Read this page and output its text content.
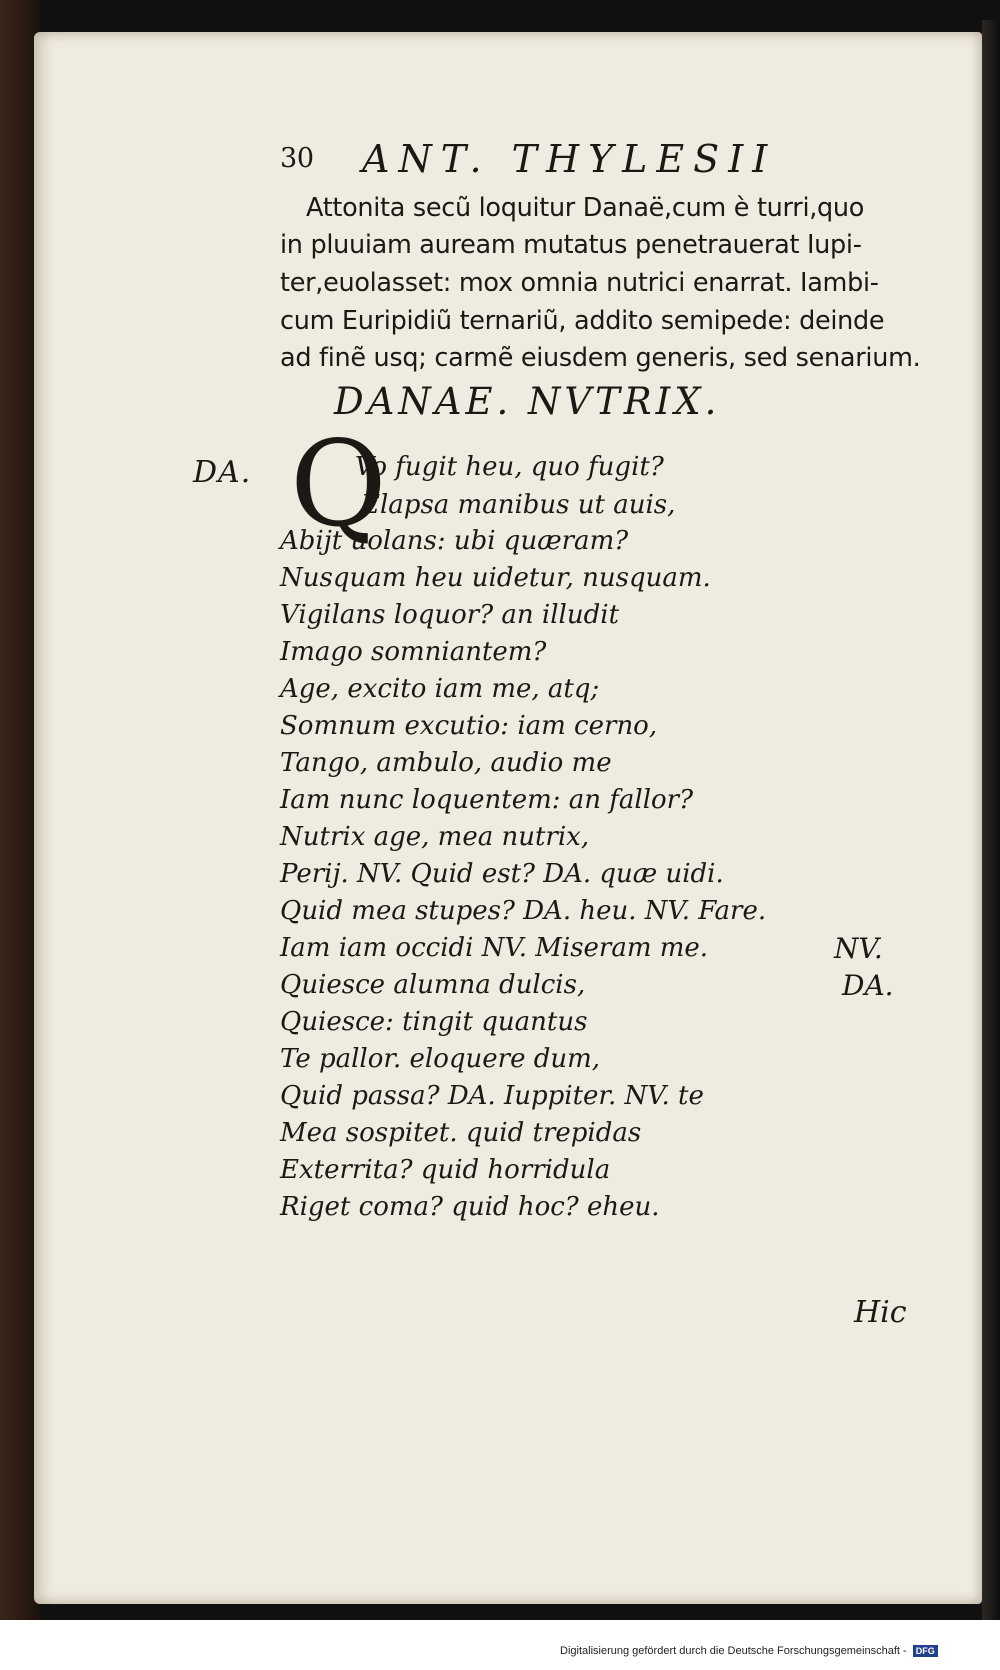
30 ANT. THYLESII
Attonita secũ loquitur Danaë,cum è turri,quo
in pluuiam auream mutatus penetrauerat Iupi-
ter,euolasset: mox omnia nutrici enarrat. Iambi-
cum Euripidiũ ternariũ, addito semipede: deinde
ad finẽ usq; carmẽ eiusdem generis, sed senarium.
DANAE. NVTRIX.
DA. Q
Vo fugit heu, quo fugit?
Elapsa manibus ut auis,
Abijt uolans: ubi quæram?
Nusquam heu uidetur, nusquam.
Vigilans loquor? an illudit
Imago somniantem?
Age, excito iam me, atq;
Somnum excutio: iam cerno,
Tango, ambulo, audio me
Iam nunc loquentem: an fallor?
Nutrix age, mea nutrix,
Perij. NV. Quid est? DA. quæ uidi.
Quid mea stupes? DA. heu. NV. Fare.
Iam iam occidi NV. Miseram me.
Quiesce alumna dulcis,
Quiesce: tingit quantus
Te pallor. eloquere dum,
Quid passa? DA. Iuppiter. NV. te
Mea sospitet. quid trepidas
Exterrita? quid horridula
Riget coma? quid hoc? eheu.
NV.
DA.
Hic
Digitalisierung gefördert durch die Deutsche Forschungsgemeinschaft - DFG
